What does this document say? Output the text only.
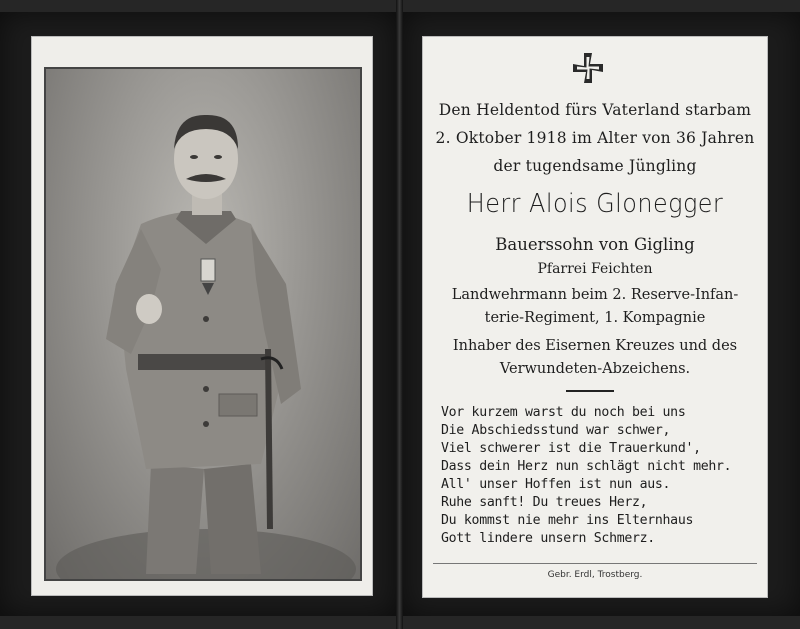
Den Heldentod fürs Vaterland starbam
2. Oktober 1918 im Alter von 36 Jahren
der tugendsame Jüngling
Herr Alois Glonegger
Bauerssohn von Gigling
Pfarrei Feichten
Landwehrmann beim 2. Reserve-Infan-
terie-Regiment, 1. Kompagnie
Inhaber des Eisernen Kreuzes und des
Verwundeten-Abzeichens.
Vor kurzem warst du noch bei uns
Die Abschiedsstund war schwer,
Viel schwerer ist die Trauerkund',
Dass dein Herz nun schlägt nicht mehr.
All' unser Hoffen ist nun aus.
Ruhe sanft! Du treues Herz,
Du kommst nie mehr ins Elternhaus
Gott lindere unsern Schmerz.
Gebr. Erdl, Trostberg.
